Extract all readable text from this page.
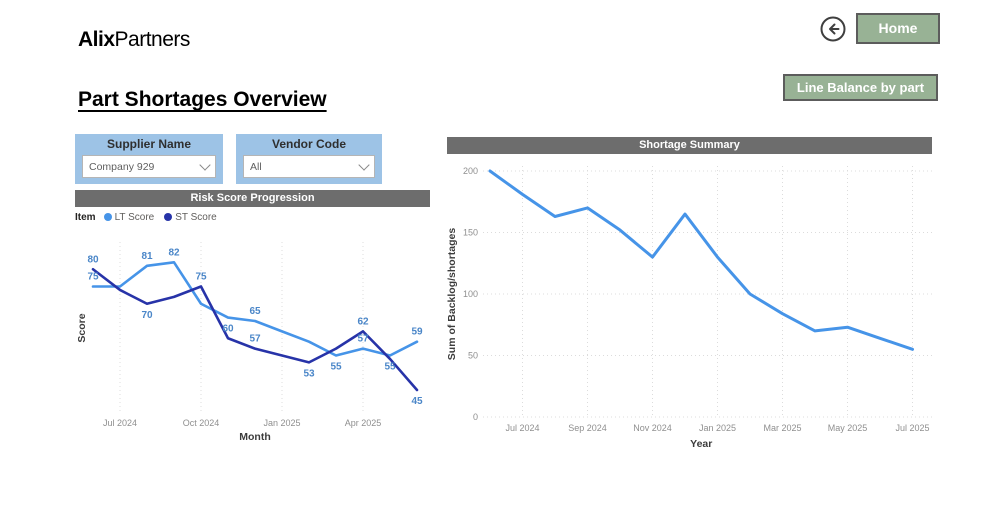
AlixPartners	Home
Line Balance by part
Part Shortages Overview
Supplier Name
Company 929
Vendor Code
All
Risk Score Progression
Shortage Summary
Item LT Score ST Score
75
81 82
65
55
57
55
59
80
70
75
60
57
53
62
45
Jul 2024	Oct 2024	Jan 2025	Apr 2025
Month
Score
0
50
100
150
200
Jul 2024	Sep 2024	Nov 2024	Jan 2025	Mar 2025	May 2025	Jul 2025
Year
Sum of Backlog/shortages
